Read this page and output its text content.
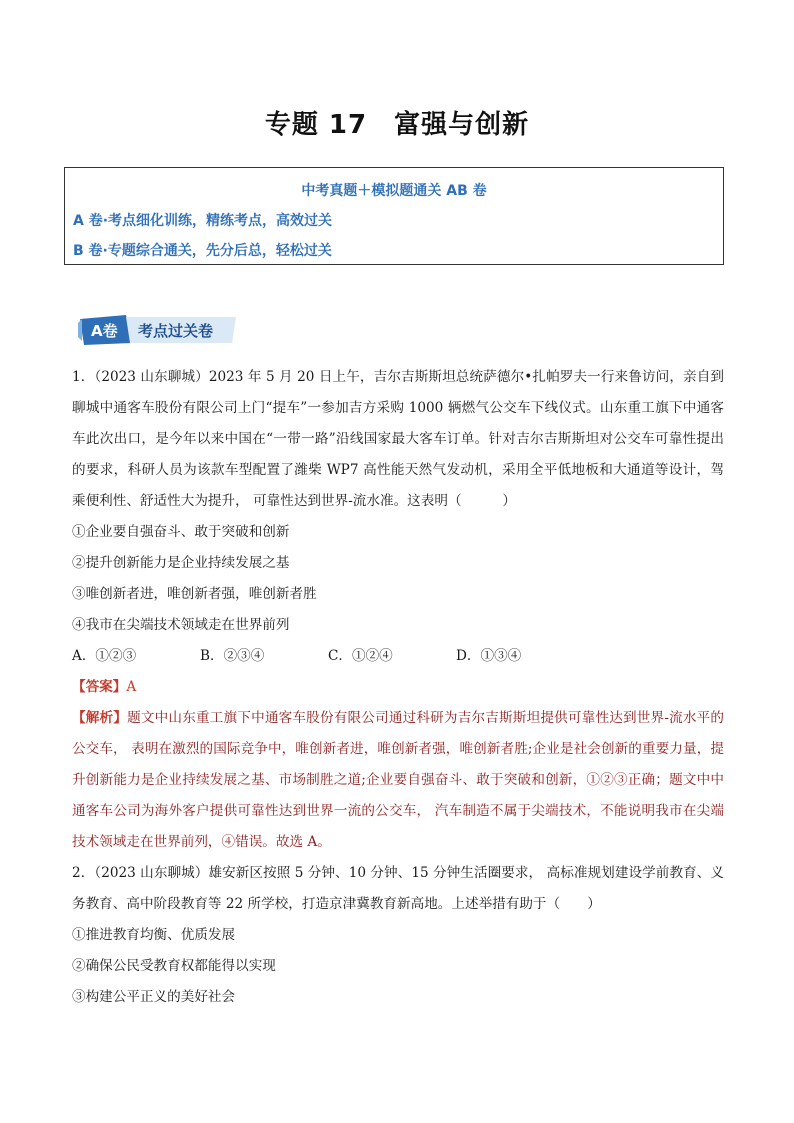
专题 17　富强与创新
中考真题＋模拟题通关 AB 卷
A 卷·考点细化训练，精练考点，高效过关
B 卷·专题综合通关，先分后总，轻松过关
A卷 考点过关卷

1．（2023 山东聊城）2023 年 5 月 20 日上午，吉尔吉斯斯坦总统萨德尔•扎帕罗夫一行来鲁访问，亲自到聊城中通客车股份有限公司上门“提车”一参加吉方采购 1000 辆燃气公交车下线仪式。山东重工旗下中通客车此次出口，是今年以来中国在“一带一路”沿线国家最大客车订单。针对吉尔吉斯斯坦对公交车可靠性提出的要求，科研人员为该款车型配置了潍柴 WP7 高性能天然气发动机，采用全平低地板和大通道等设计，驾乘便利性、舒适性大为提升， 可靠性达到世界-流水准。这表明（　　　）

①企业要自强奋斗、敢于突破和创新

②提升创新能力是企业持续发展之基

③唯创新者进，唯创新者强，唯创新者胜

④我市在尖端技术领域走在世界前列

A．①②③	B．②③④	C．①②④	D．①③④
【答案】A

【解析】题文中山东重工旗下中通客车股份有限公司通过科研为吉尔吉斯斯坦提供可靠性达到世界-流水平的公交车， 表明在激烈的国际竞争中，唯创新者进，唯创新者强，唯创新者胜;企业是社会创新的重要力量，提升创新能力是企业持续发展之基、市场制胜之道;企业要自强奋斗、敢于突破和创新，①②③正确；题文中中通客车公司为海外客户提供可靠性达到世界一流的公交车， 汽车制造不属于尖端技术，不能说明我市在尖端技术领域走在世界前列，④错误。故选 A。

2．（2023 山东聊城）雄安新区按照 5 分钟、10 分钟、15 分钟生活圈要求， 高标准规划建设学前教育、义务教育、高中阶段教育等 22 所学校，打造京津冀教育新高地。上述举措有助于（　　）

①推进教育均衡、优质发展

②确保公民受教育权都能得以实现

③构建公平正义的美好社会
